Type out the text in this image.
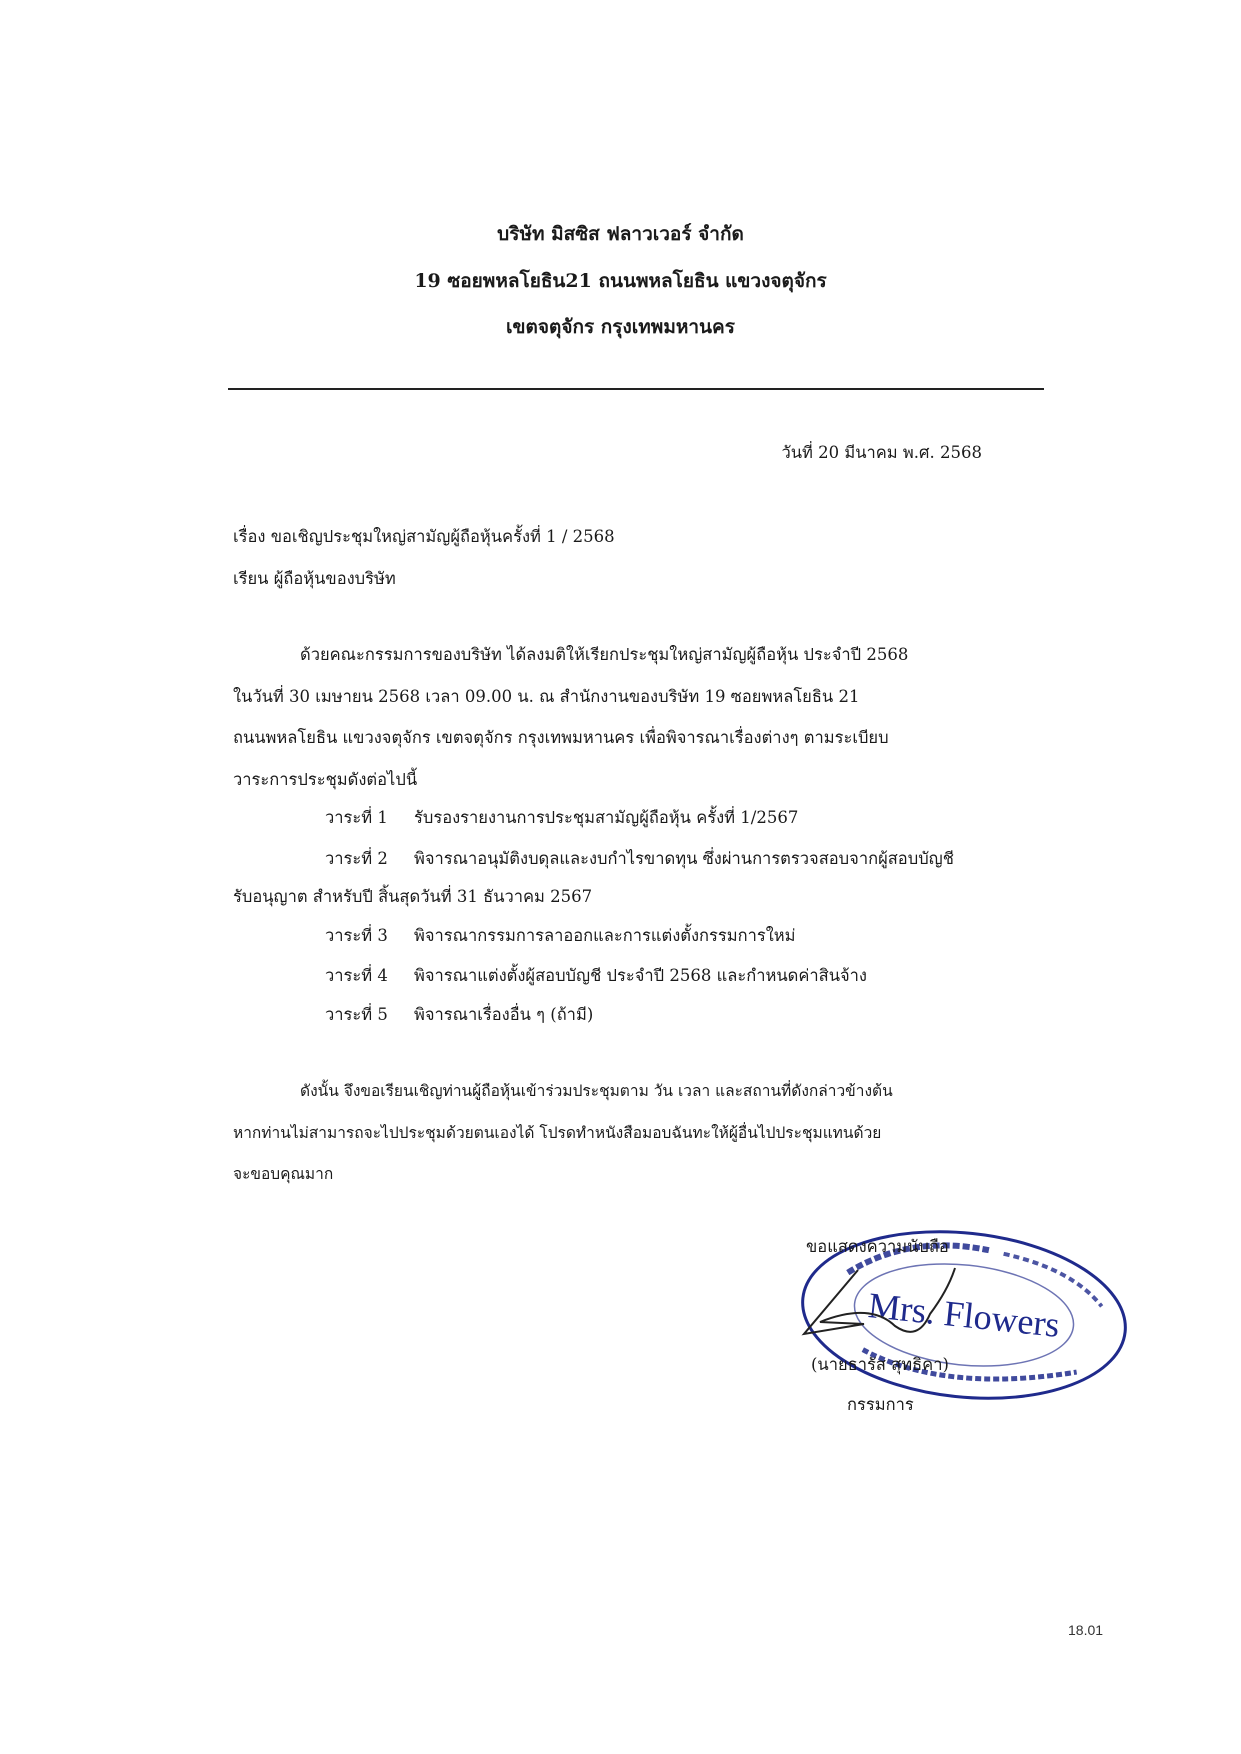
บริษัท มิสซิส ฟลาวเวอร์ จำกัด
19 ซอยพหลโยธิน21 ถนนพหลโยธิน แขวงจตุจักร
เขตจตุจักร กรุงเทพมหานคร
วันที่ 20 มีนาคม พ.ศ. 2568
เรื่อง ขอเชิญประชุมใหญ่สามัญผู้ถือหุ้นครั้งที่ 1 / 2568
เรียน ผู้ถือหุ้นของบริษัท
ด้วยคณะกรรมการของบริษัท ได้ลงมติให้เรียกประชุมใหญ่สามัญผู้ถือหุ้น ประจำปี 2568
ในวันที่ 30 เมษายน 2568 เวลา 09.00 น. ณ สำนักงานของบริษัท 19 ซอยพหลโยธิน 21
ถนนพหลโยธิน แขวงจตุจักร เขตจตุจักร กรุงเทพมหานคร เพื่อพิจารณาเรื่องต่างๆ ตามระเบียบ
วาระการประชุมดังต่อไปนี้
วาระที่ 1 รับรองรายงานการประชุมสามัญผู้ถือหุ้น ครั้งที่ 1/2567
วาระที่ 2 พิจารณาอนุมัติงบดุลและงบกำไรขาดทุน ซึ่งผ่านการตรวจสอบจากผู้สอบบัญชี
รับอนุญาต สำหรับปี สิ้นสุดวันที่ 31 ธันวาคม 2567
วาระที่ 3 พิจารณากรรมการลาออกและการแต่งตั้งกรรมการใหม่
วาระที่ 4 พิจารณาแต่งตั้งผู้สอบบัญชี ประจำปี 2568 และกำหนดค่าสินจ้าง
วาระที่ 5 พิจารณาเรื่องอื่น ๆ (ถ้ามี)
ดังนั้น จึงขอเรียนเชิญท่านผู้ถือหุ้นเข้าร่วมประชุมตาม วัน เวลา และสถานที่ดังกล่าวข้างต้น
หากท่านไม่สามารถจะไปประชุมด้วยตนเองได้ โปรดทำหนังสือมอบฉันทะให้ผู้อื่นไปประชุมแทนด้วย
จะขอบคุณมาก
Mrs. Flowers
ขอแสดงความนับถือ
(นายธารัส สุทธิคา)
กรรมการ
18.01
